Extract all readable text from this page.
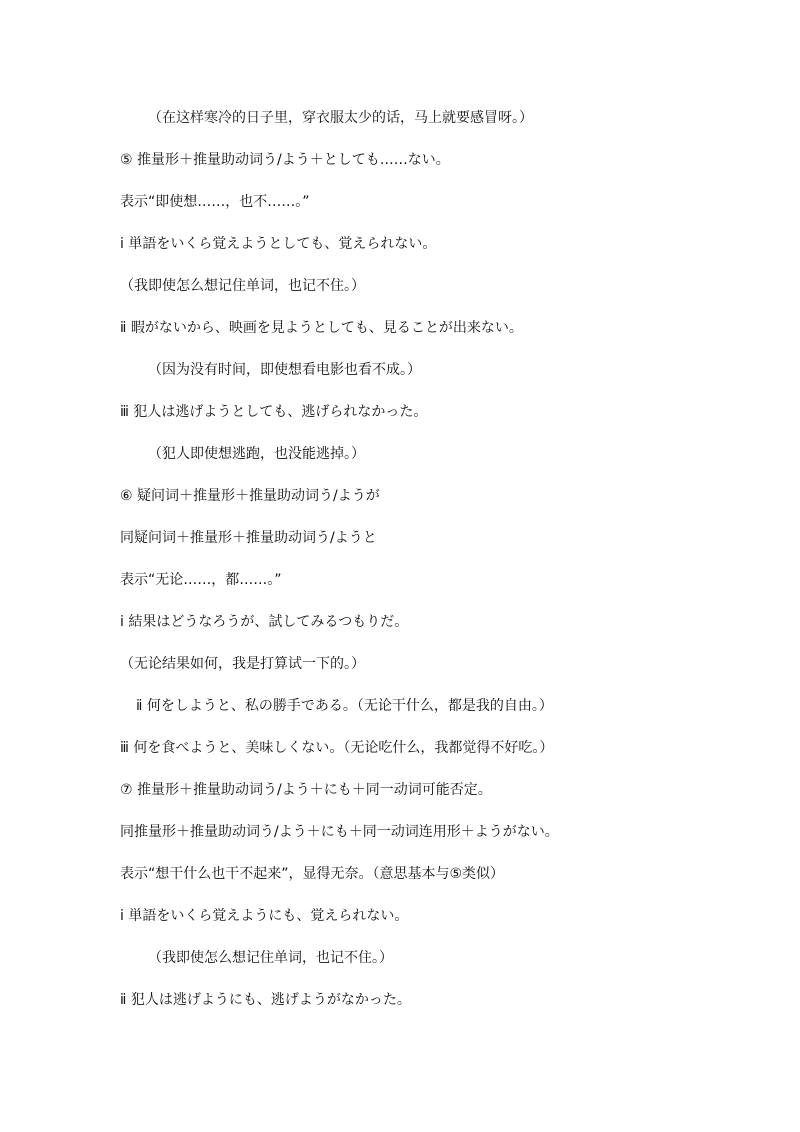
（在这样寒冷的日子里，穿衣服太少的话，马上就要感冒呀。）
⑤ 推量形＋推量助动词う/よう＋としても……ない。
表示“即使想……，也不……。”
ⅰ 単語をいくら覚えようとしても、覚えられない。
（我即使怎么想记住单词，也记不住。）
ⅱ 暇がないから、映画を見ようとしても、見ることが出来ない。
（因为没有时间，即使想看电影也看不成。）
ⅲ 犯人は逃げようとしても、逃げられなかった。
（犯人即使想逃跑，也没能逃掉。）
⑥ 疑问词＋推量形＋推量助动词う/ようが
同疑问词＋推量形＋推量助动词う/ようと
表示“无论……，都……。”
ⅰ 結果はどうなろうが、試してみるつもりだ。
（无论结果如何，我是打算试一下的。）
ⅱ 何をしようと、私の勝手である。（无论干什么，都是我的自由。）
ⅲ 何を食べようと、美味しくない。（无论吃什么，我都觉得不好吃。）
⑦ 推量形＋推量助动词う/よう＋にも＋同一动词可能否定。
同推量形＋推量助动词う/よう＋にも＋同一动词连用形＋ようがない。
表示“想干什么也干不起来”，显得无奈。（意思基本与⑤类似）
ⅰ 単語をいくら覚えようにも、覚えられない。
（我即使怎么想记住单词，也记不住。）
ⅱ 犯人は逃げようにも、逃げようがなかった。
